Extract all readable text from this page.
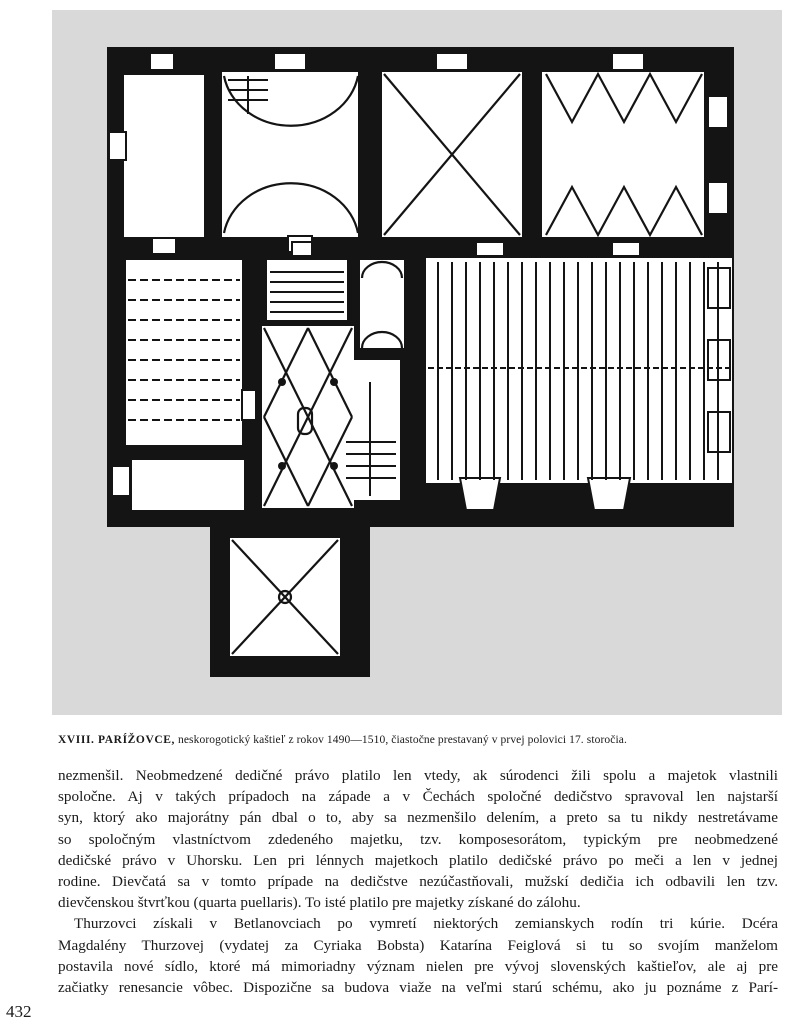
XVIII. PARÍŽOVCE, neskorogotický kaštieľ z rokov 1490—1510, čiastočne prestavaný v prvej polovici 17. storočia.
nezmenšil. Neobmedzené dedičné právo platilo len vtedy, ak súrodenci žili spolu a majetok vlastnili
spoločne. Aj v takých prípadoch na západe a v Čechách spoločné dedičstvo spravoval len najstarší
syn, ktorý ako majorátny pán dbal o to, aby sa nezmenšilo delením, a preto sa tu nikdy nestretávame
so spoločným vlastníctvom zdedeného majetku, tzv. komposesorátom, typickým pre neobmedzené
dedičské právo v Uhorsku. Len pri lénnych majetkoch platilo dedičské právo po meči a len v jednej
rodine. Dievčatá sa v tomto prípade na dedičstve nezúčastňovali, mužskí dedičia ich odbavili len tzv.
dievčenskou štvrťkou (quarta puellaris). To isté platilo pre majetky získané do zálohu.
Thurzovci získali v Betlanovciach po vymretí niektorých zemianskych rodín tri kúrie. Dcéra
Magdalény Thurzovej (vydatej za Cyriaka Bobsta) Katarína Feiglová si tu so svojím manželom
postavila nové sídlo, ktoré má mimoriadny význam nielen pre vývoj slovenských kaštieľov, ale aj pre
začiatky renesancie vôbec. Dispozične sa budova viaže na veľmi starú schému, ako ju poznáme z Parí-
432
